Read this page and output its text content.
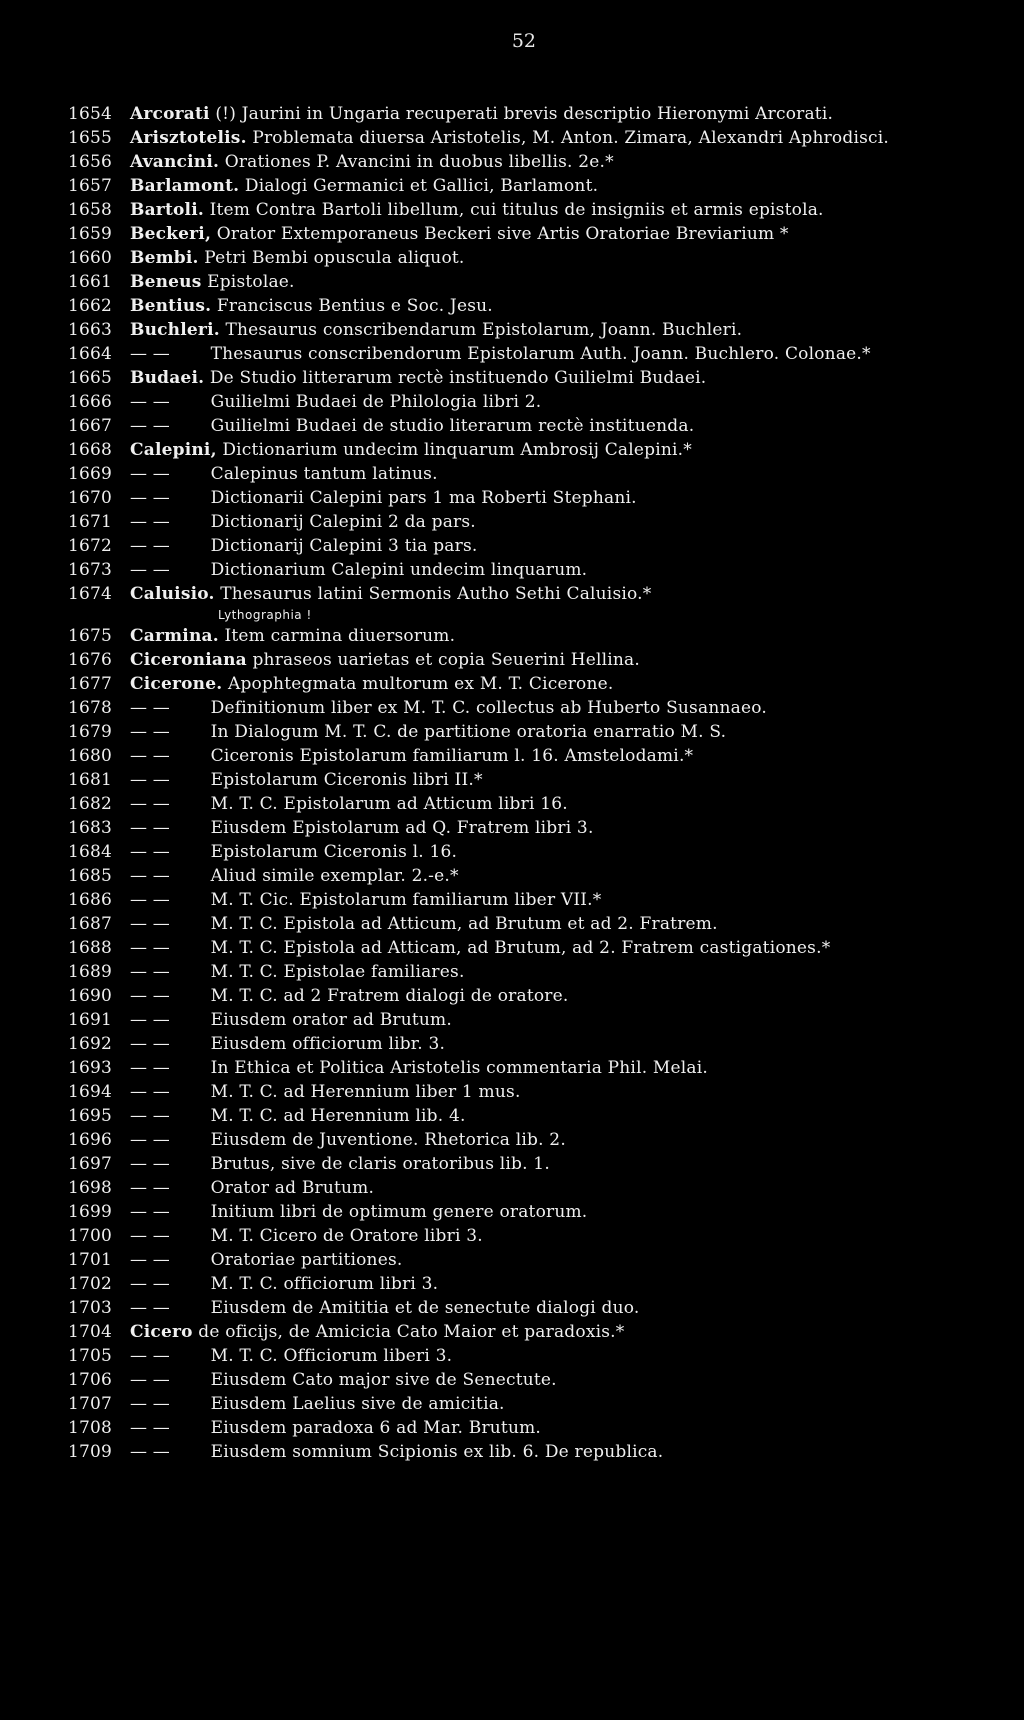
52
1654 Arcorati (!) Jaurini in Ungaria recuperati brevis descriptio Hieronymi Arcorati.
1655 Arisztotelis. Problemata diuersa Aristotelis, M. Anton. Zimara, Alexandri Aphrodisci.
1656 Avancini. Orationes P. Avancini in duobus libellis. 2e.*
1657 Barlamont. Dialogi Germanici et Gallici, Barlamont.
1658 Bartoli. Item Contra Bartoli libellum, cui titulus de insigniis et armis epistola.
1659 Beckeri, Orator Extemporaneus Beckeri sive Artis Oratoriae Breviarium *
1660 Bembi. Petri Bembi opuscula aliquot.
1661 Beneus Epistolae.
1662 Bentius. Franciscus Bentius e Soc. Jesu.
1663 Buchleri. Thesaurus conscribendarum Epistolarum, Joann. Buchleri.
1664 — — Thesaurus conscribendorum Epistolarum Auth. Joann. Buchlero. Colonae.*
1665 Budaei. De Studio litterarum rectè instituendo Guilielmi Budaei.
1666 — — Guilielmi Budaei de Philologia libri 2.
1667 — — Guilielmi Budaei de studio literarum rectè instituenda.
1668 Calepini, Dictionarium undecim linquarum Ambrosij Calepini.*
1669 — — Calepinus tantum latinus.
1670 — — Dictionarii Calepini pars 1 ma Roberti Stephani.
1671 — — Dictionarij Calepini 2 da pars.
1672 — — Dictionarij Calepini 3 tia pars.
1673 — — Dictionarium Calepini undecim linquarum.
1674 Caluisio. Thesaurus latini Sermonis Autho Sethi Caluisio.*
Lythographia !
1675 Carmina. Item carmina diuersorum.
1676 Ciceroniana phraseos uarietas et copia Seuerini Hellina.
1677 Cicerone. Apophtegmata multorum ex M. T. Cicerone.
1678 — — Definitionum liber ex M. T. C. collectus ab Huberto Susannaeo.
1679 — — In Dialogum M. T. C. de partitione oratoria enarratio M. S.
1680 — — Ciceronis Epistolarum familiarum l. 16. Amstelodami.*
1681 — — Epistolarum Ciceronis libri II.*
1682 — — M. T. C. Epistolarum ad Atticum libri 16.
1683 — — Eiusdem Epistolarum ad Q. Fratrem libri 3.
1684 — — Epistolarum Ciceronis l. 16.
1685 — — Aliud simile exemplar. 2.-e.*
1686 — — M. T. Cic. Epistolarum familiarum liber VII.*
1687 — — M. T. C. Epistola ad Atticum, ad Brutum et ad 2. Fratrem.
1688 — — M. T. C. Epistola ad Atticam, ad Brutum, ad 2. Fratrem castigationes.*
1689 — — M. T. C. Epistolae familiares.
1690 — — M. T. C. ad 2 Fratrem dialogi de oratore.
1691 — — Eiusdem orator ad Brutum.
1692 — — Eiusdem officiorum libr. 3.
1693 — — In Ethica et Politica Aristotelis commentaria Phil. Melai.
1694 — — M. T. C. ad Herennium liber 1 mus.
1695 — — M. T. C. ad Herennium lib. 4.
1696 — — Eiusdem de Juventione. Rhetorica lib. 2.
1697 — — Brutus, sive de claris oratoribus lib. 1.
1698 — — Orator ad Brutum.
1699 — — Initium libri de optimum genere oratorum.
1700 — — M. T. Cicero de Oratore libri 3.
1701 — — Oratoriae partitiones.
1702 — — M. T. C. officiorum libri 3.
1703 — — Eiusdem de Amititia et de senectute dialogi duo.
1704 Cicero de oficijs, de Amicicia Cato Maior et paradoxis.*
1705 — — M. T. C. Officiorum liberi 3.
1706 — — Eiusdem Cato major sive de Senectute.
1707 — — Eiusdem Laelius sive de amicitia.
1708 — — Eiusdem paradoxa 6 ad Mar. Brutum.
1709 — — Eiusdem somnium Scipionis ex lib. 6. De republica.
